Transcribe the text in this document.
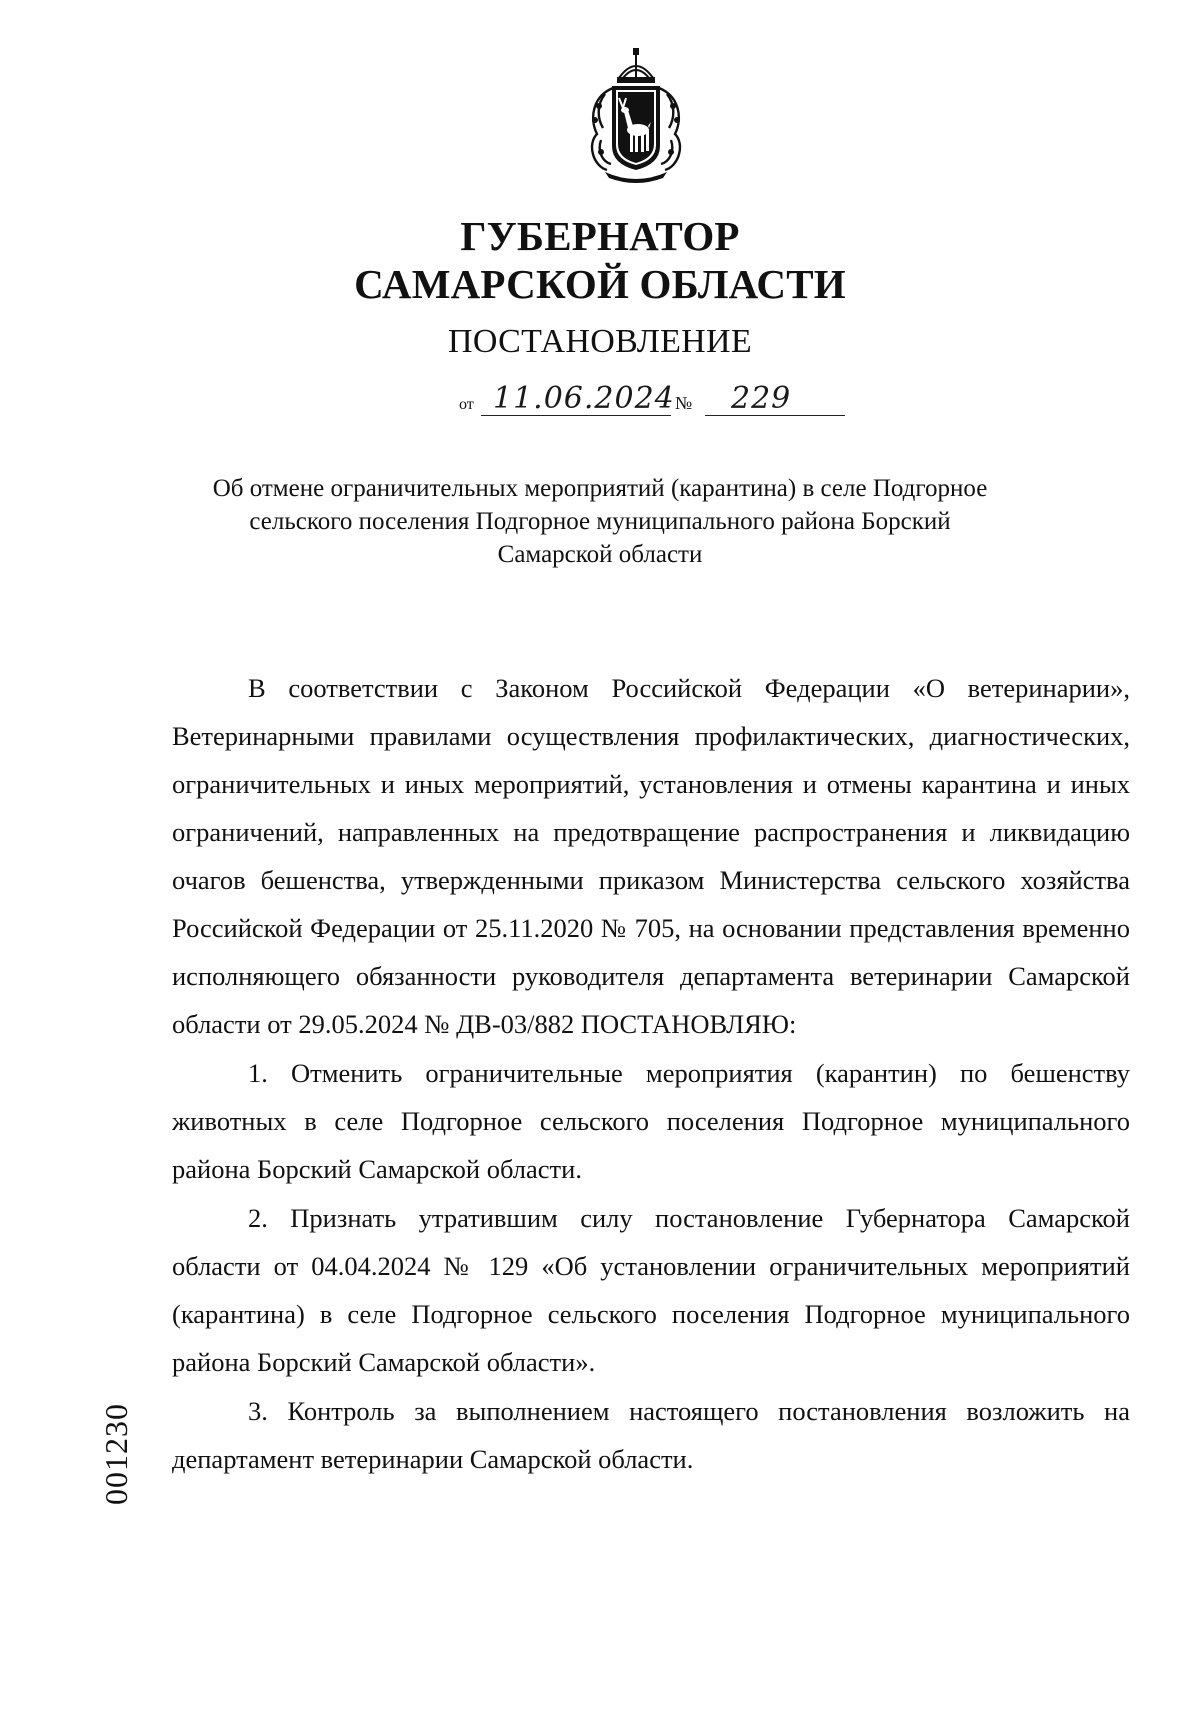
ГУБЕРНАТОР
САМАРСКОЙ ОБЛАСТИ
ПОСТАНОВЛЕНИЕ
от 11.06.2024 № 229
Об отмене ограничительных мероприятий (карантина) в селе Подгорное
сельского поселения Подгорное муниципального района Борский
Самарской области

В соответствии с Законом Российской Федерации «О ветеринарии», Ветеринарными правилами осуществления профилактических, диагностических, ограничительных и иных мероприятий, установления и отмены карантина и иных ограничений, направленных на предотвращение распространения и ликвидацию очагов бешенства, утвержденными приказом Министерства сельского хозяйства Российской Федерации от 25.11.2020 № 705, на основании представления временно исполняющего обязанности руководителя департамента ветеринарии Самарской области от 29.05.2024 № ДВ-03/882 ПОСТАНОВЛЯЮ:

1. Отменить ограничительные мероприятия (карантин) по бешенству животных в селе Подгорное сельского поселения Подгорное муниципального района Борский Самарской области.

2. Признать утратившим силу постановление Губернатора Самарской области от 04.04.2024 № 129 «Об установлении ограничительных мероприятий (карантина) в селе Подгорное сельского поселения Подгорное муниципального района Борский Самарской области».

3. Контроль за выполнением настоящего постановления возложить на департамент ветеринарии Самарской области.

001230
